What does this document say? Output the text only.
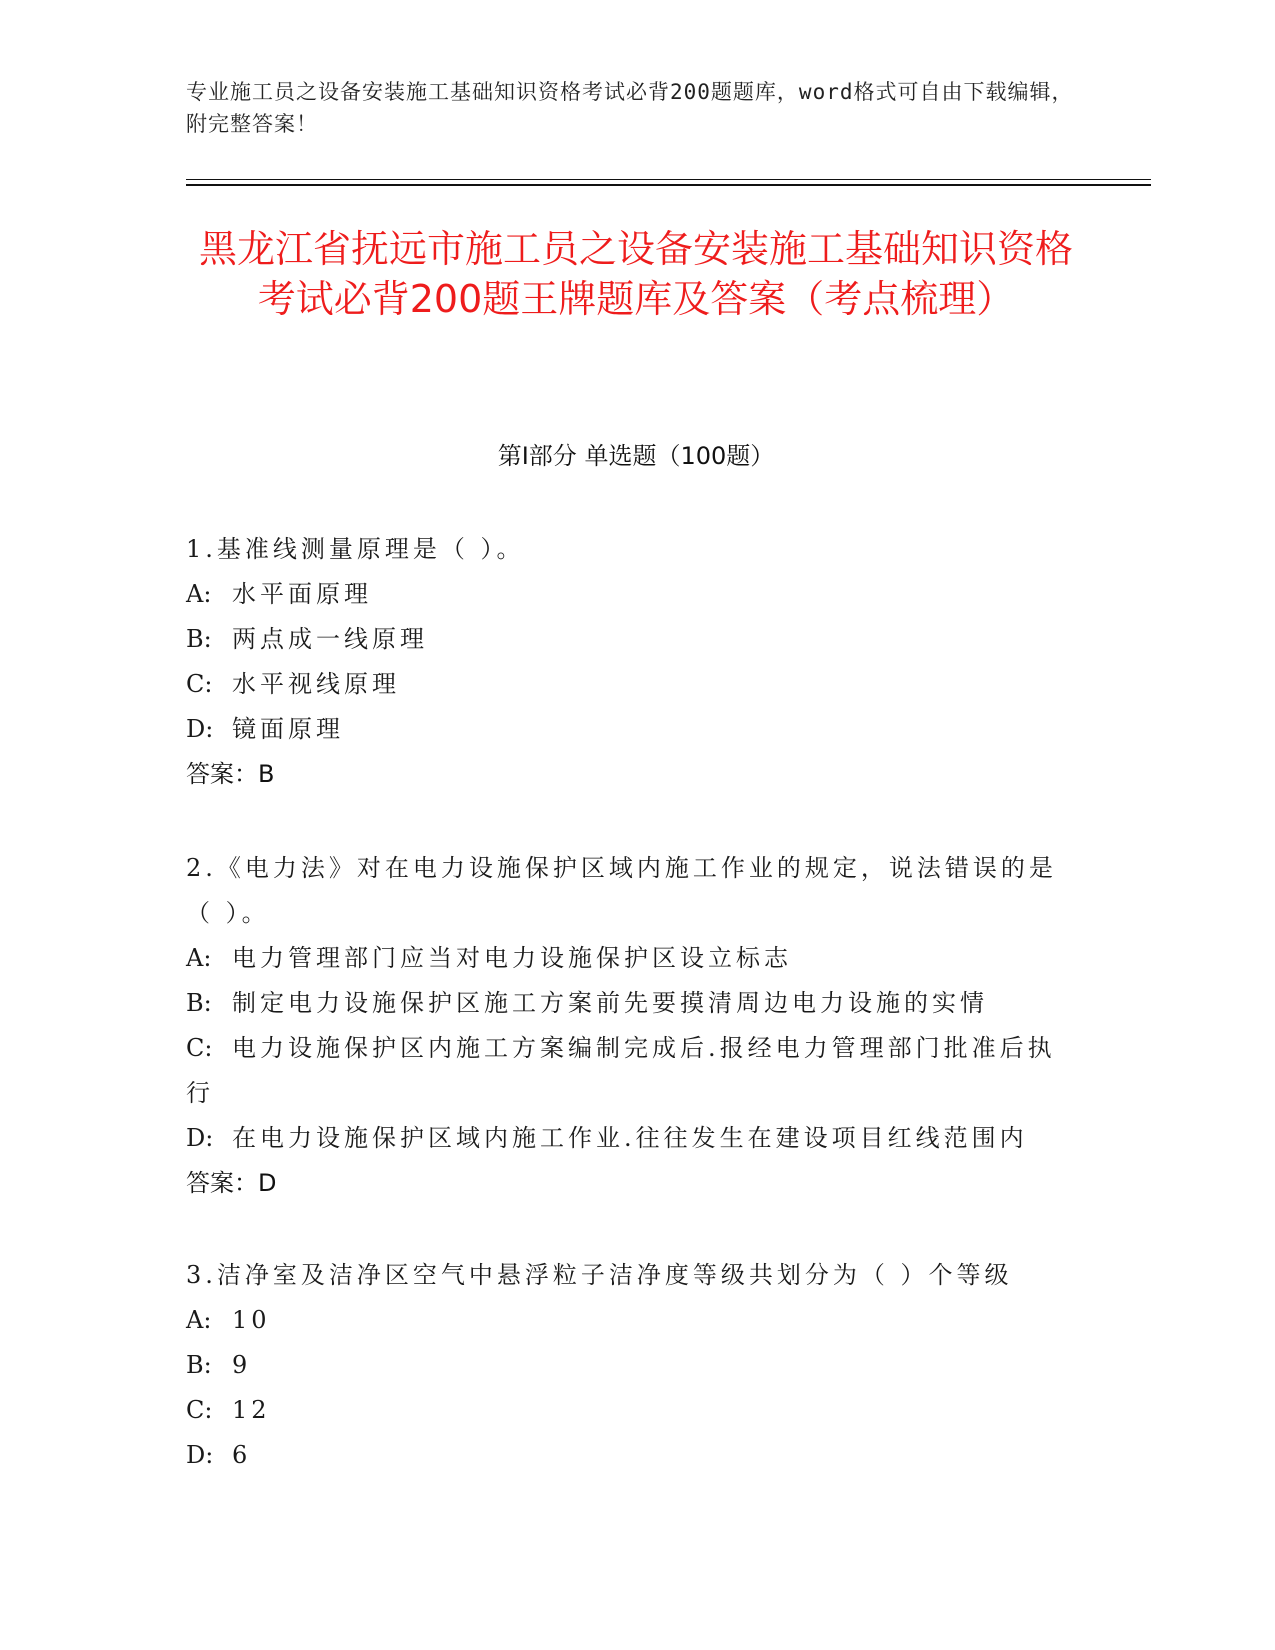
专业施工员之设备安装施工基础知识资格考试必背200题题库，word格式可自由下载编辑，附完整答案！
黑龙江省抚远市施工员之设备安装施工基础知识资格考试必背200题王牌题库及答案（考点梳理）
第Ⅰ部分 单选题（100题）

1.基准线测量原理是（ ）。

A: 水平面原理

B: 两点成一线原理

C: 水平视线原理

D: 镜面原理

答案：B

2.《电力法》对在电力设施保护区域内施工作业的规定，说法错误的是（ ）。

A: 电力管理部门应当对电力设施保护区设立标志

B: 制定电力设施保护区施工方案前先要摸清周边电力设施的实情

C: 电力设施保护区内施工方案编制完成后.报经电力管理部门批准后执行

D: 在电力设施保护区域内施工作业.往往发生在建设项目红线范围内

答案：D

3.洁净室及洁净区空气中悬浮粒子洁净度等级共划分为（ ）个等级

A: 10

B: 9

C: 12

D: 6
